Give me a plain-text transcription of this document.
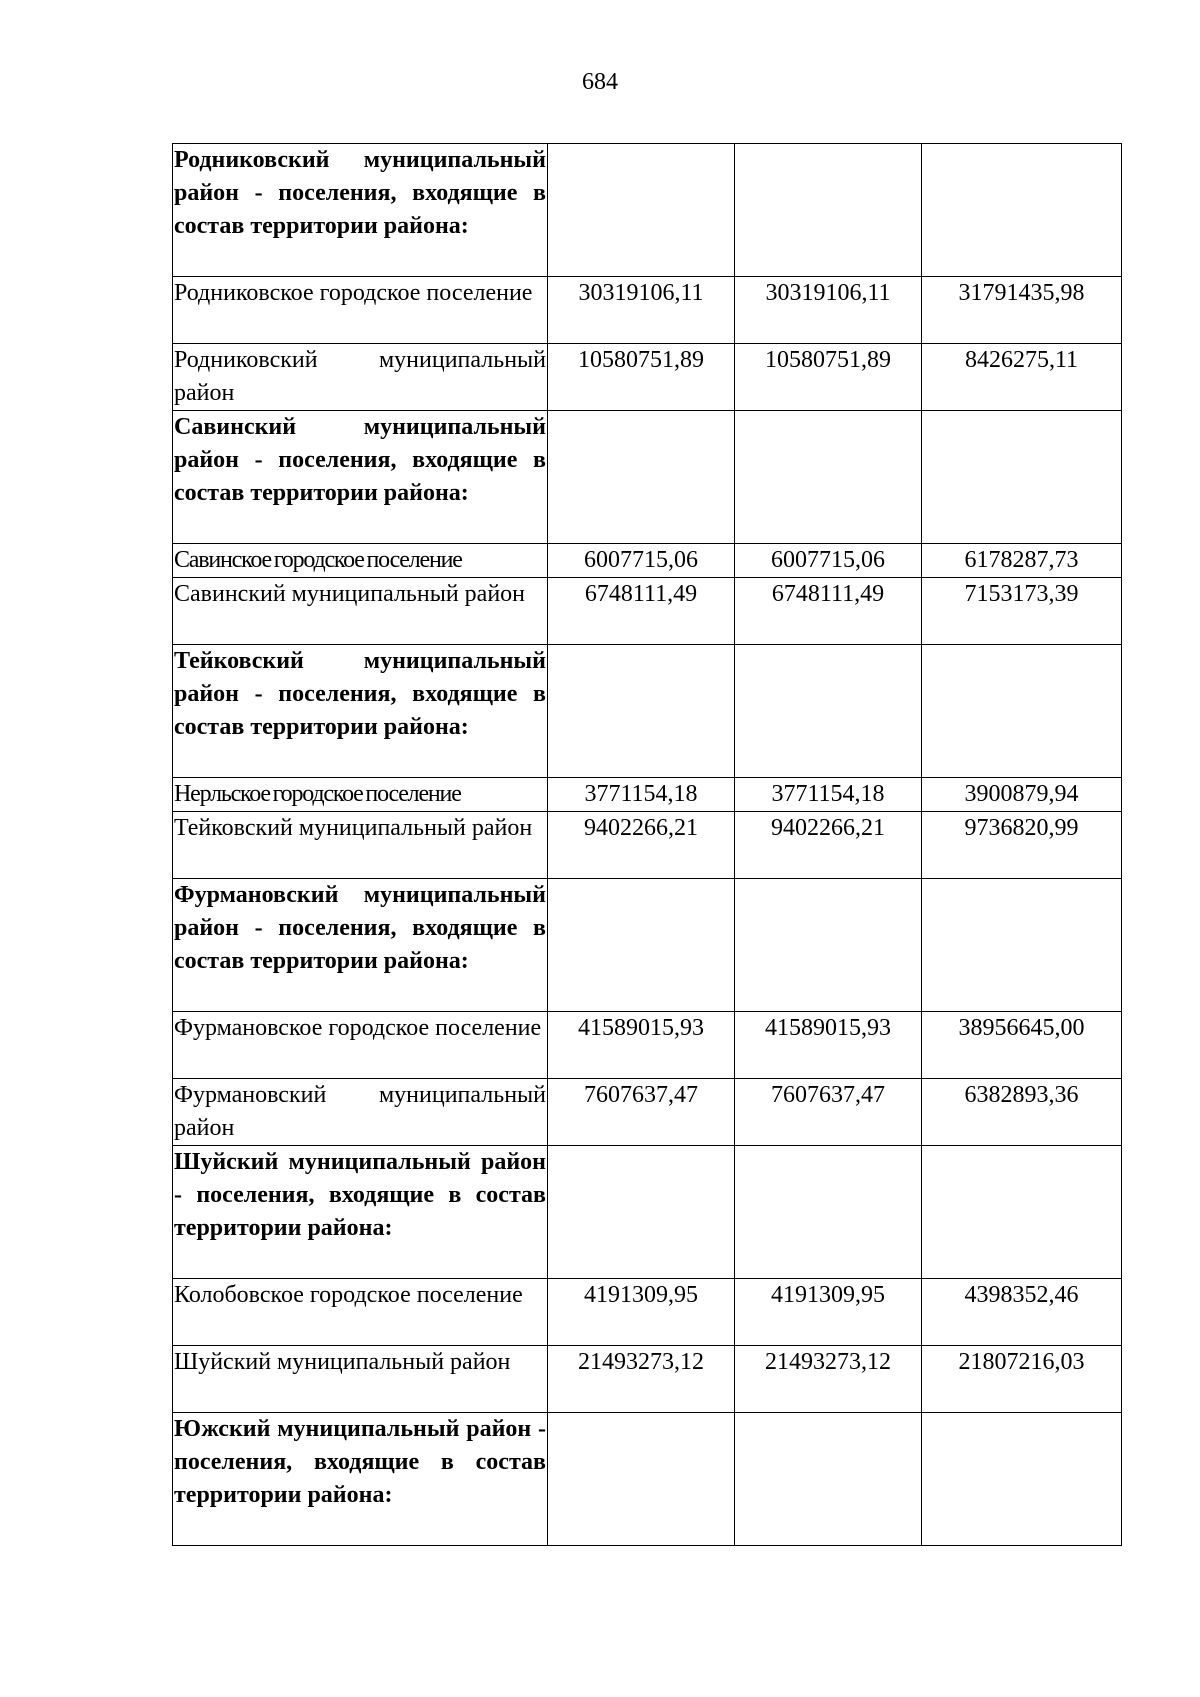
684
Родниковский муниципальный район - поселения, входящие в состав территории района:			
Родниковское городское поселение	30319106,11	30319106,11	31791435,98
Родниковский муниципальный район	10580751,89	10580751,89	8426275,11
Савинский муниципальный район - поселения, входящие в состав территории района:			
Савинское городское поселение	6007715,06	6007715,06	6178287,73
Савинский муниципальный район	6748111,49	6748111,49	7153173,39
Тейковский муниципальный район - поселения, входящие в состав территории района:			
Нерльское городское поселение	3771154,18	3771154,18	3900879,94
Тейковский муниципальный район	9402266,21	9402266,21	9736820,99
Фурмановский муниципальный район - поселения, входящие в состав территории района:			
Фурмановское городское поселение	41589015,93	41589015,93	38956645,00
Фурмановский муниципальный район	7607637,47	7607637,47	6382893,36
Шуйский муниципальный район - поселения, входящие в состав территории района:			
Колобовское городское поселение	4191309,95	4191309,95	4398352,46
Шуйский муниципальный район	21493273,12	21493273,12	21807216,03
Южский муниципальный район - поселения, входящие в состав территории района:			
